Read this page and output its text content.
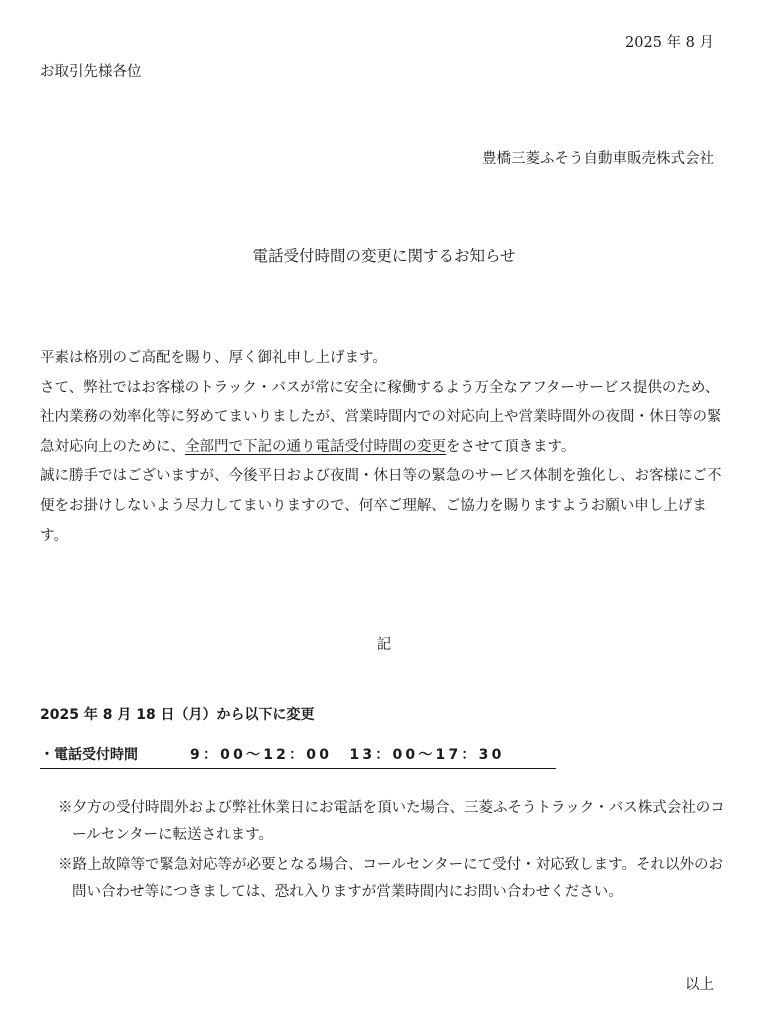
2025 年 8 月
お取引先様各位
豊橋三菱ふそう自動車販売株式会社
電話受付時間の変更に関するお知らせ

平素は格別のご高配を賜り、厚く御礼申し上げます。

さて、弊社ではお客様のトラック・バスが常に安全に稼働するよう万全なアフターサービス提供のため、社内業務の効率化等に努めてまいりましたが、営業時間内での対応向上や営業時間外の夜間・休日等の緊急対応向上のために、全部門で下記の通り電話受付時間の変更をさせて頂きます。

誠に勝手ではございますが、今後平日および夜間・休日等の緊急のサービス体制を強化し、お客様にご不便をお掛けしないよう尽力してまいりますので、何卒ご理解、ご協力を賜りますようお願い申し上げます。

記
2025 年 8 月 18 日（月）から以下に変更
・電話受付時間	9：00～12：00　13：00～17：30

※夕方の受付時間外および弊社休業日にお電話を頂いた場合、三菱ふそうトラック・バス株式会社のコールセンターに転送されます。

※路上故障等で緊急対応等が必要となる場合、コールセンターにて受付・対応致します。それ以外のお問い合わせ等につきましては、恐れ入りますが営業時間内にお問い合わせください。

以上
